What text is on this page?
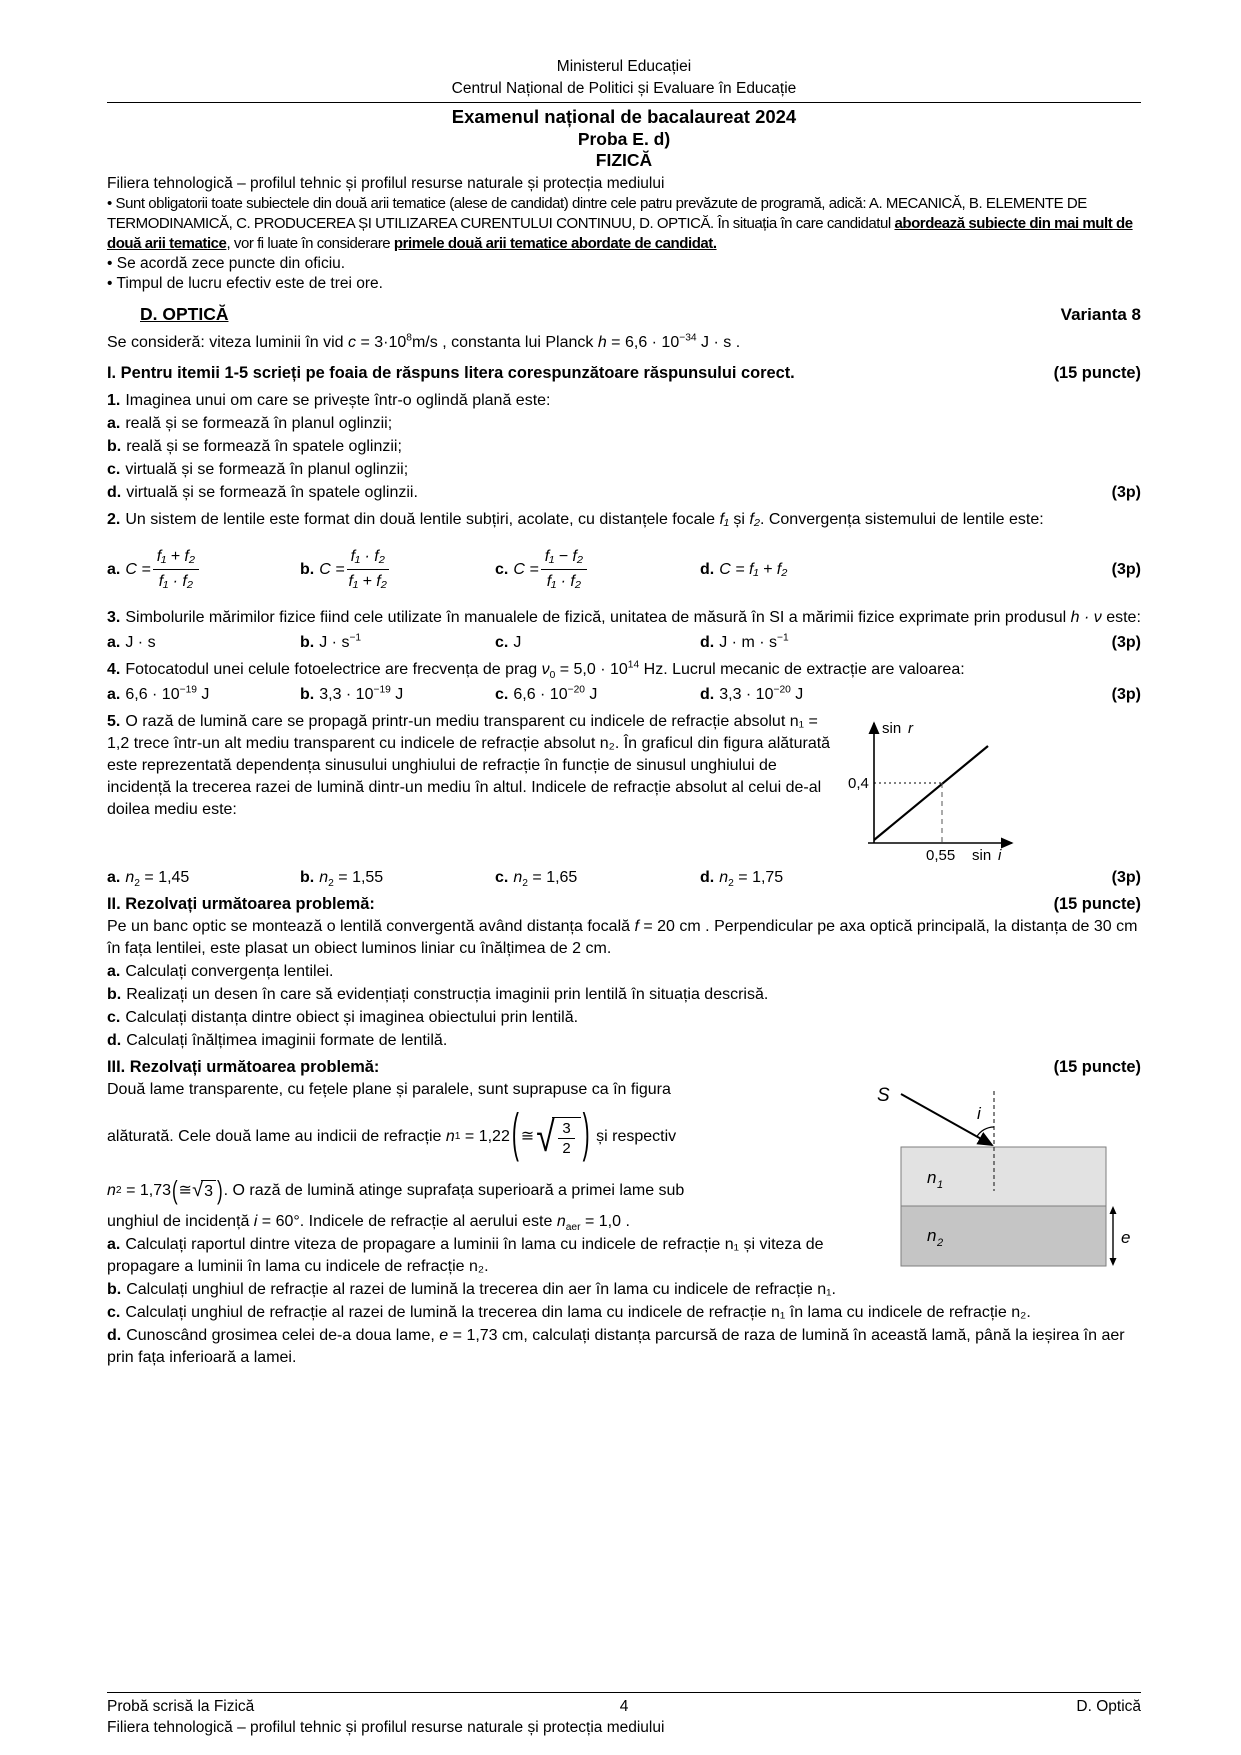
Ministerul Educației
Centrul Național de Politici și Evaluare în Educație
Examenul național de bacalaureat 2024
Proba E. d)
FIZICĂ

Filiera tehnologică – profilul tehnic și profilul resurse naturale și protecția mediului

• Sunt obligatorii toate subiectele din două arii tematice (alese de candidat) dintre cele patru prevăzute de programă, adică: A. MECANICĂ, B. ELEMENTE DE TERMODINAMICĂ, C. PRODUCEREA ȘI UTILIZAREA CURENTULUI CONTINUU, D. OPTICĂ. În situația în care candidatul abordează subiecte din mai mult de două arii tematice, vor fi luate în considerare primele două arii tematice abordate de candidat.

• Se acordă zece puncte din oficiu.

• Timpul de lucru efectiv este de trei ore.

D. OPTICĂ	Varianta 8

Se consideră: viteza luminii în vid $c = 3\cdot 10^8m/s$ , constanta lui Planck $h = 6,6 \cdot 10^{-34}$ J · s .

I. Pentru itemii 1-5 scrieți pe foaia de răspuns litera corespunzătoare răspunsului corect.	(15 puncte)

1. Imaginea unui om care se privește într-o oglindă plană este:

a. reală și se formează în planul oglinzii;

b. reală și se formează în spatele oglinzii;

c. virtuală și se formează în planul oglinzii;

d. virtuală și se formează în spatele oglinzii.	(3p)

2. Un sistem de lentile este format din două lentile subțiri, acolate, cu distanțele focale f₁ și f₂. Convergența sistemului de lentile este:

a. $C = \frac{\text{f₁ + f₂}}{\text{f₁ · f₂}}$	b. $C = \frac{\text{f₁ · f₂}}{\text{f₁ + f₂}}$	c. $C = \frac{\text{f₁ − f₂}}{\text{f₁ · f₂}}$	d. C = f₁ + f₂	(3p)

3. Simbolurile mărimilor fizice fiind cele utilizate în manualele de fizică, unitatea de măsură în SI a mărimii fizice exprimate prin produsul h · ν este:

a. J · s	b. $J \cdot s^{-1}$	c. J	d. $J \cdot m \cdot s^{-1}$	(3p)

4. Fotocatodul unei celule fotoelectrice are frecvența de prag $\nu_0 = 5,0 \cdot 10^{14}$ Hz. Lucrul mecanic de extracție are valoarea:

a. $6,6 \cdot 10^{-19}$ J	b. $3,3 \cdot 10^{-19}$ J	c. $6,6 \cdot 10^{-20}$ J	d. $3,3 \cdot 10^{-20}$ J	(3p)
sin r
0,4
0,55 sin i

5. O rază de lumină care se propagă printr-un mediu transparent cu indicele de refracție absolut n₁ = 1,2 trece într-un alt mediu transparent cu indicele de refracție absolut n₂. În graficul din figura alăturată este reprezentată dependența sinusului unghiului de refracție în funcție de sinusul unghiului de incidență la trecerea razei de lumină dintr-un mediu în altul. Indicele de refracție absolut al celui de-al doilea mediu este:

a. $n_2 = 1,45$	b. $n_2 = 1,55$	c. $n_2 = 1,65$	d. $n_2 = 1,75$	(3p)
II. Rezolvați următoarea problemă:	(15 puncte)

Pe un banc optic se montează o lentilă convergentă având distanța focală f = 20 cm . Perpendicular pe axa optică principală, la distanța de 30 cm în fața lentilei, este plasat un obiect luminos liniar cu înălțimea de 2 cm.

a. Calculați convergența lentilei.

b. Realizați un desen în care să evidențiați construcția imaginii prin lentilă în situația descrisă.

c. Calculați distanța dintre obiect și imaginea obiectului prin lentilă.

d. Calculați înălțimea imaginii formate de lentilă.

III. Rezolvați următoarea problemă:	(15 puncte)
S
i
n 1
n 2	e

Două lame transparente, cu fețele plane și paralele, sunt suprapuse ca în figura

alăturată. Cele două lame au indicii de refracție n 1 = 1,22 ( ≅ √ $\frac{3}{2}$ ) și respectiv

n 2 = 1,73 ( ≅ √ 3 ) . O rază de lumină atinge suprafața superioară a primei lame sub

unghiul de incidență i = 60°. Indicele de refracție al aerului este $n_{aer} = 1,0$ .

a. Calculați raportul dintre viteza de propagare a luminii în lama cu indicele de refracție n₁ și viteza de propagare a luminii în lama cu indicele de refracție n₂.

b. Calculați unghiul de refracție al razei de lumină la trecerea din aer în lama cu indicele de refracție n₁.

c. Calculați unghiul de refracție al razei de lumină la trecerea din lama cu indicele de refracție n₁ în lama cu indicele de refracție n₂.

d. Cunoscând grosimea celei de-a doua lame, e = 1,73 cm, calculați distanța parcursă de raza de lumină în această lamă, până la ieșirea în aer prin fața inferioară a lamei.

Probă scrisă la Fizică	4	D. Optică
Filiera tehnologică – profilul tehnic și profilul resurse naturale și protecția mediului
